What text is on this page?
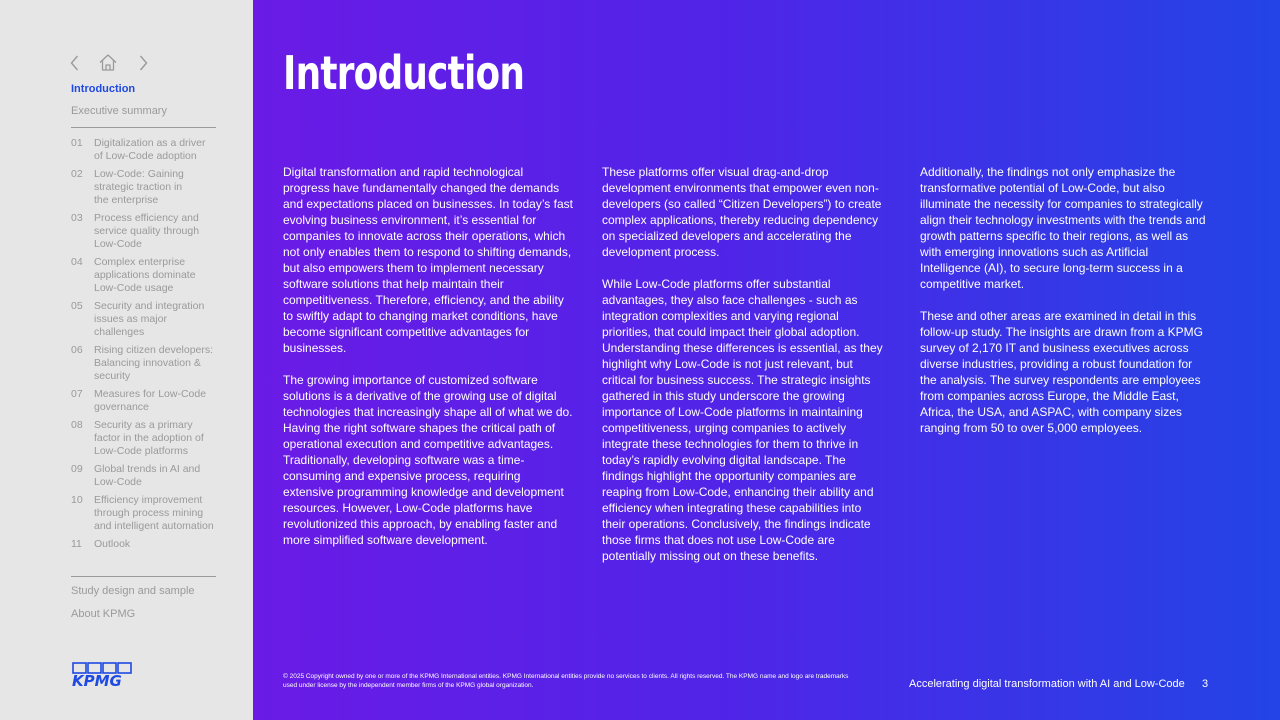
Introduction
Executive summary
01	Digitalization as a driver
of Low-Code adoption
02	Low-Code: Gaining
strategic traction in
the enterprise
03	Process efficiency and
service quality through
Low-Code
04	Complex enterprise
applications dominate
Low-Code usage
05	Security and integration
issues as major
challenges
06	Rising citizen developers:
Balancing innovation &
security
07	Measures for Low-Code
governance
08	Security as a primary
factor in the adoption of
Low-Code platforms
09	Global trends in AI and
Low-Code
10	Efficiency improvement
through process mining
and intelligent automation
11	Outlook
Study design and sample
About KPMG
KPMG
Introduction

Digital transformation and rapid technological progress have fundamentally changed the demands and expectations placed on businesses. In today’s fast evolving business environment, it’s essential for companies to innovate across their operations, which not only enables them to respond to shifting demands, but also empowers them to implement necessary software solutions that help maintain their competitiveness. Therefore, efficiency, and the ability to swiftly adapt to changing market conditions, have become significant competitive advantages for businesses.

The growing importance of customized software solutions is a derivative of the growing use of digital technologies that increasingly shape all of what we do. Having the right software shapes the critical path of operational execution and competitive advantages. Traditionally, developing software was a time-consuming and expensive process, requiring extensive programming knowledge and development resources. However, Low-Code platforms have revolutionized this approach, by enabling faster and more simplified software development.

These platforms offer visual drag-and-drop development environments that empower even non-developers (so called “Citizen Developers”) to create complex applications, thereby reducing dependency on specialized developers and accelerating the development process.

While Low-Code platforms offer substantial advantages, they also face challenges - such as integration complexities and varying regional priorities, that could impact their global adoption. Understanding these differences is essential, as they highlight why Low-Code is not just relevant, but critical for business success. The strategic insights gathered in this study underscore the growing importance of Low-Code platforms in maintaining competitiveness, urging companies to actively integrate these technologies for them to thrive in today’s rapidly evolving digital landscape. The findings highlight the opportunity companies are reaping from Low-Code, enhancing their ability and efficiency when integrating these capabilities into their operations. Conclusively, the findings indicate those firms that does not use Low-Code are potentially missing out on these benefits.

Additionally, the findings not only emphasize the transformative potential of Low-Code, but also illuminate the necessity for companies to strategically align their technology investments with the trends and growth patterns specific to their regions, as well as with emerging innovations such as Artificial Intelligence (AI), to secure long-term success in a competitive market.

These and other areas are examined in detail in this follow-up study. The insights are drawn from a KPMG survey of 2,170 IT and business executives across diverse industries, providing a robust foundation for the analysis. The survey respondents are employees from companies across Europe, the Middle East, Africa, the USA, and ASPAC, with company sizes ranging from 50 to over 5,000 employees.

© 2025 Copyright owned by one or more of the KPMG International entities. KPMG International entities provide no services to clients. All rights reserved. The KPMG name and logo are trademarks used under license by the independent member firms of the KPMG global organization.	Accelerating digital transformation with AI and Low-Code 3
